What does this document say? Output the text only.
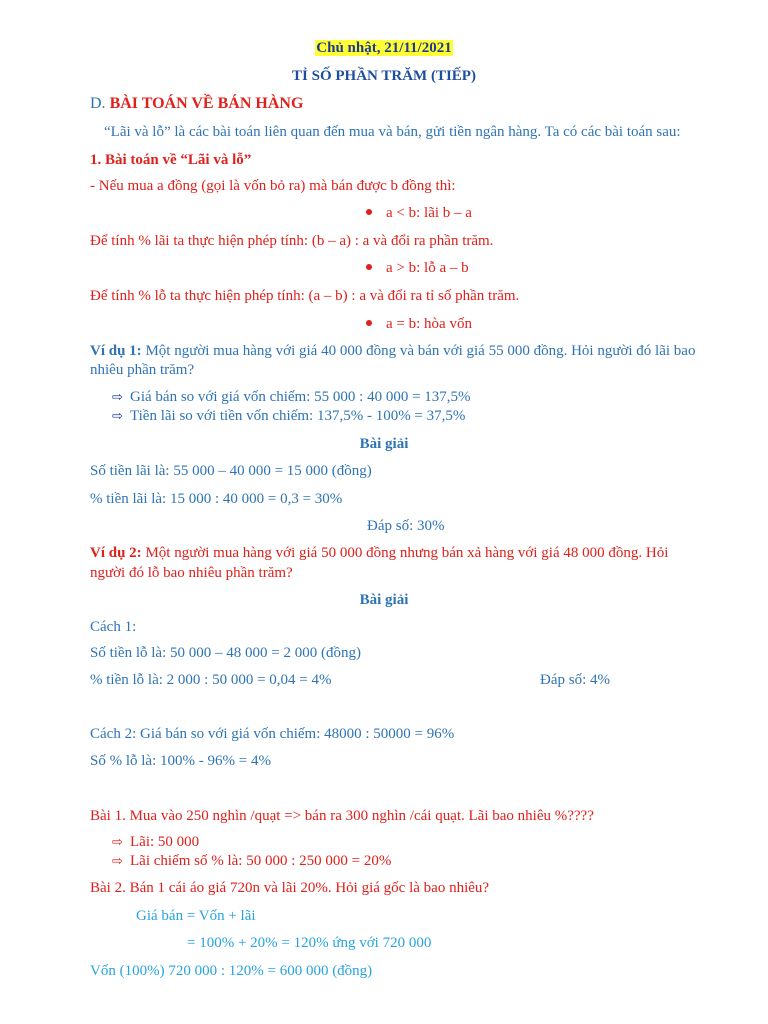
Chủ nhật, 21/11/2021
TỈ SỐ PHẦN TRĂM (TIẾP)
D. BÀI TOÁN VỀ BÁN HÀNG
“Lãi và lỗ” là các bài toán liên quan đến mua và bán, gửi tiền ngân hàng. Ta có các bài toán sau:
1. Bài toán về “Lãi và lỗ”
- Nếu mua a đồng (gọi là vốn bỏ ra) mà bán được b đồng thì:
a < b: lãi b – a
Để tính % lãi ta thực hiện phép tính: (b – a) : a và đổi ra phần trăm.
a > b: lỗ a – b
Để tính % lỗ ta thực hiện phép tính: (a – b) : a và đổi ra tỉ số phần trăm.
a = b: hòa vốn
Ví dụ 1: Một người mua hàng với giá 40 000 đồng và bán với giá 55 000 đồng. Hỏi người đó lãi bao
nhiêu phần trăm?
⇨ Giá bán so với giá vốn chiếm: 55 000 : 40 000 = 137,5%
⇨ Tiền lãi so với tiền vốn chiếm: 137,5% - 100% = 37,5%
Bài giải
Số tiền lãi là: 55 000 – 40 000 = 15 000 (đồng)
% tiền lãi là: 15 000 : 40 000 = 0,3 = 30%
Đáp số: 30%
Ví dụ 2: Một người mua hàng với giá 50 000 đồng nhưng bán xả hàng với giá 48 000 đồng. Hỏi
người đó lỗ bao nhiêu phần trăm?
Bài giải
Cách 1:
Số tiền lỗ là: 50 000 – 48 000 = 2 000 (đồng)
% tiền lỗ là: 2 000 : 50 000 = 0,04 = 4%	Đáp số: 4%
Cách 2: Giá bán so với giá vốn chiếm: 48000 : 50000 = 96%
Số % lỗ là: 100% - 96% = 4%
Bài 1. Mua vào 250 nghìn /quạt => bán ra 300 nghìn /cái quạt. Lãi bao nhiêu %????
⇨ Lãi: 50 000
⇨ Lãi chiếm số % là: 50 000 : 250 000 = 20%
Bài 2. Bán 1 cái áo giá 720n và lãi 20%. Hỏi giá gốc là bao nhiêu?
Giá bán = Vốn + lãi
= 100% + 20% = 120% ứng với 720 000
Vốn (100%) 720 000 : 120% = 600 000 (đồng)
